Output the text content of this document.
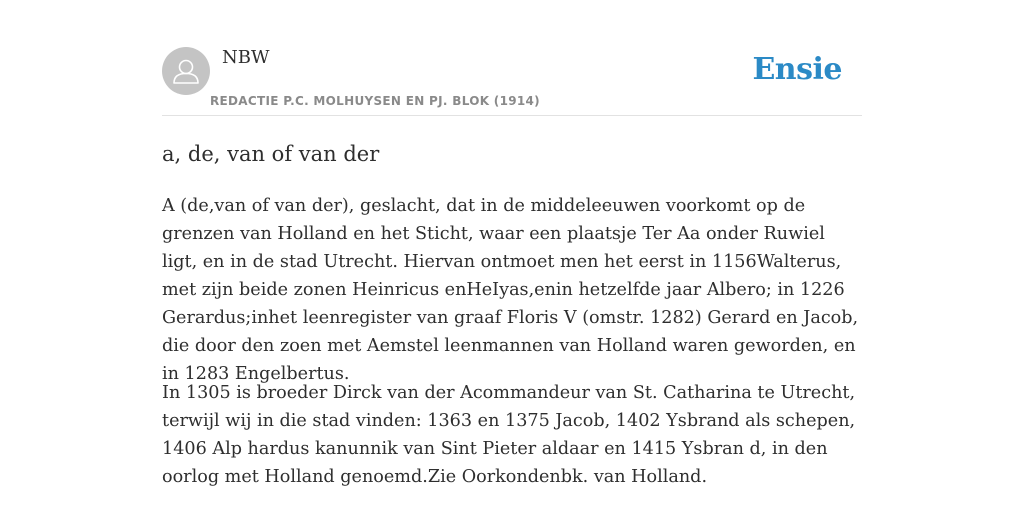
NBW
REDACTIE P.C. MOLHUYSEN EN PJ. BLOK (1914)
Ensie
a, de, van of van der

A (de,van of van der), geslacht, dat in de middeleeuwen voorkomt op de grenzen van Holland en het Sticht, waar een plaatsje Ter Aa onder Ruwiel ligt, en in de stad Utrecht. Hiervan ontmoet men het eerst in 1156Walterus, met zijn beide zonen Heinricus enHeIyas,enin hetzelfde jaar Albero; in 1226 Gerardus;inhet leenregister van graaf Floris V (omstr. 1282) Gerard en Jacob, die door den zoen met Aemstel leenmannen van Holland waren geworden, en in 1283 Engelbertus.

In 1305 is broeder Dirck van der Acommandeur van St. Catharina te Utrecht, terwijl wij in die stad vinden: 1363 en 1375 Jacob, 1402 Ysbrand als schepen, 1406 Alp hardus kanunnik van Sint Pieter aldaar en 1415 Ysbran d, in den oorlog met Holland genoemd.Zie Oorkondenbk. van Holland.
